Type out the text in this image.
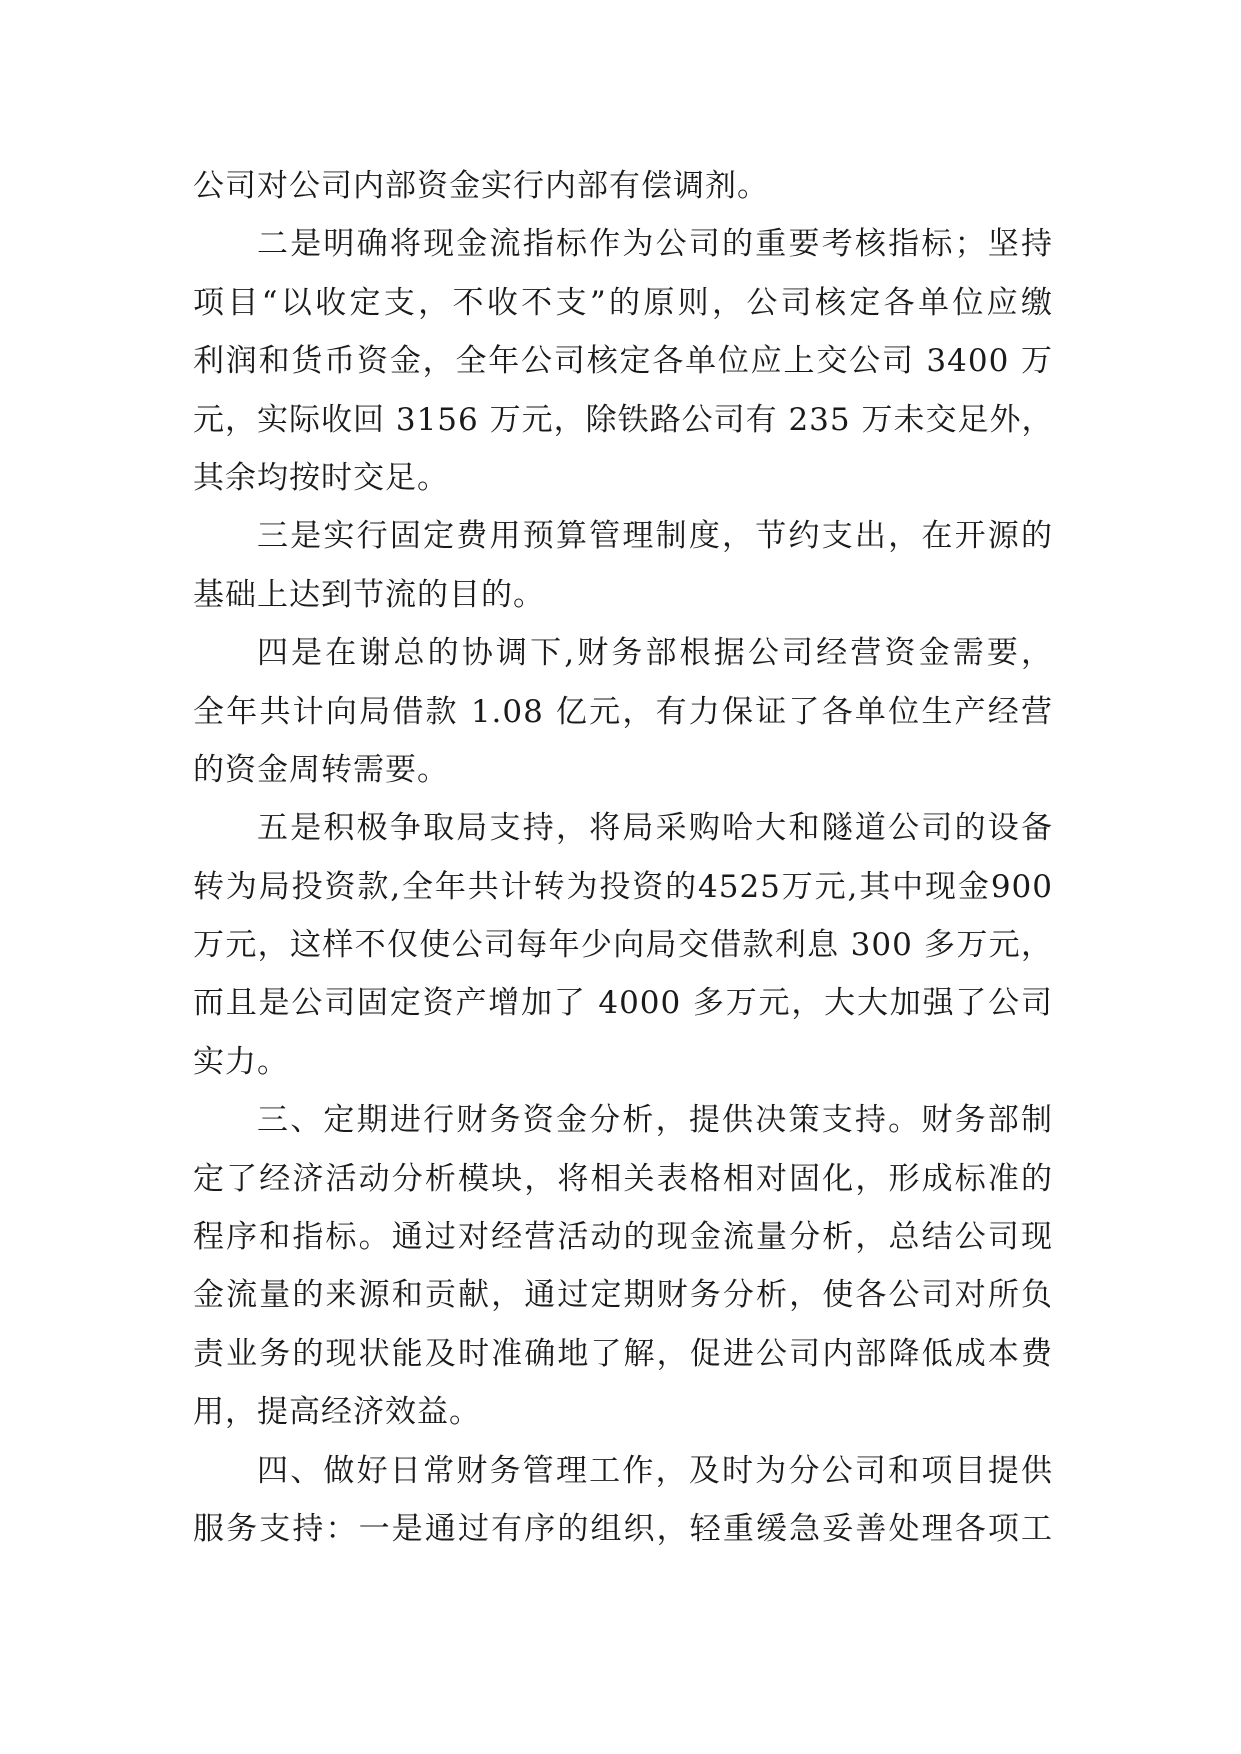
公司对公司内部资金实行内部有偿调剂。
二是明确将现金流指标作为公司的重要考核指标；坚持
项目“以收定支，不收不支”的原则，公司核定各单位应缴
利润和货币资金，全年公司核定各单位应上交公司 3400 万
元，实际收回 3156 万元，除铁路公司有 235 万未交足外，
其余均按时交足。
三是实行固定费用预算管理制度，节约支出，在开源的
基础上达到节流的目的。
四是在谢总的协调下,财务部根据公司经营资金需要，
全年共计向局借款 1.08 亿元，有力保证了各单位生产经营
的资金周转需要。
五是积极争取局支持，将局采购哈大和隧道公司的设备
转为局投资款,全年共计转为投资的4525万元,其中现金900
万元，这样不仅使公司每年少向局交借款利息 300 多万元，
而且是公司固定资产增加了 4000 多万元，大大加强了公司
实力。
三、定期进行财务资金分析，提供决策支持。财务部制
定了经济活动分析模块，将相关表格相对固化，形成标准的
程序和指标。通过对经营活动的现金流量分析，总结公司现
金流量的来源和贡献，通过定期财务分析，使各公司对所负
责业务的现状能及时准确地了解，促进公司内部降低成本费
用，提高经济效益。
四、做好日常财务管理工作，及时为分公司和项目提供
服务支持：一是通过有序的组织，轻重缓急妥善处理各项工
